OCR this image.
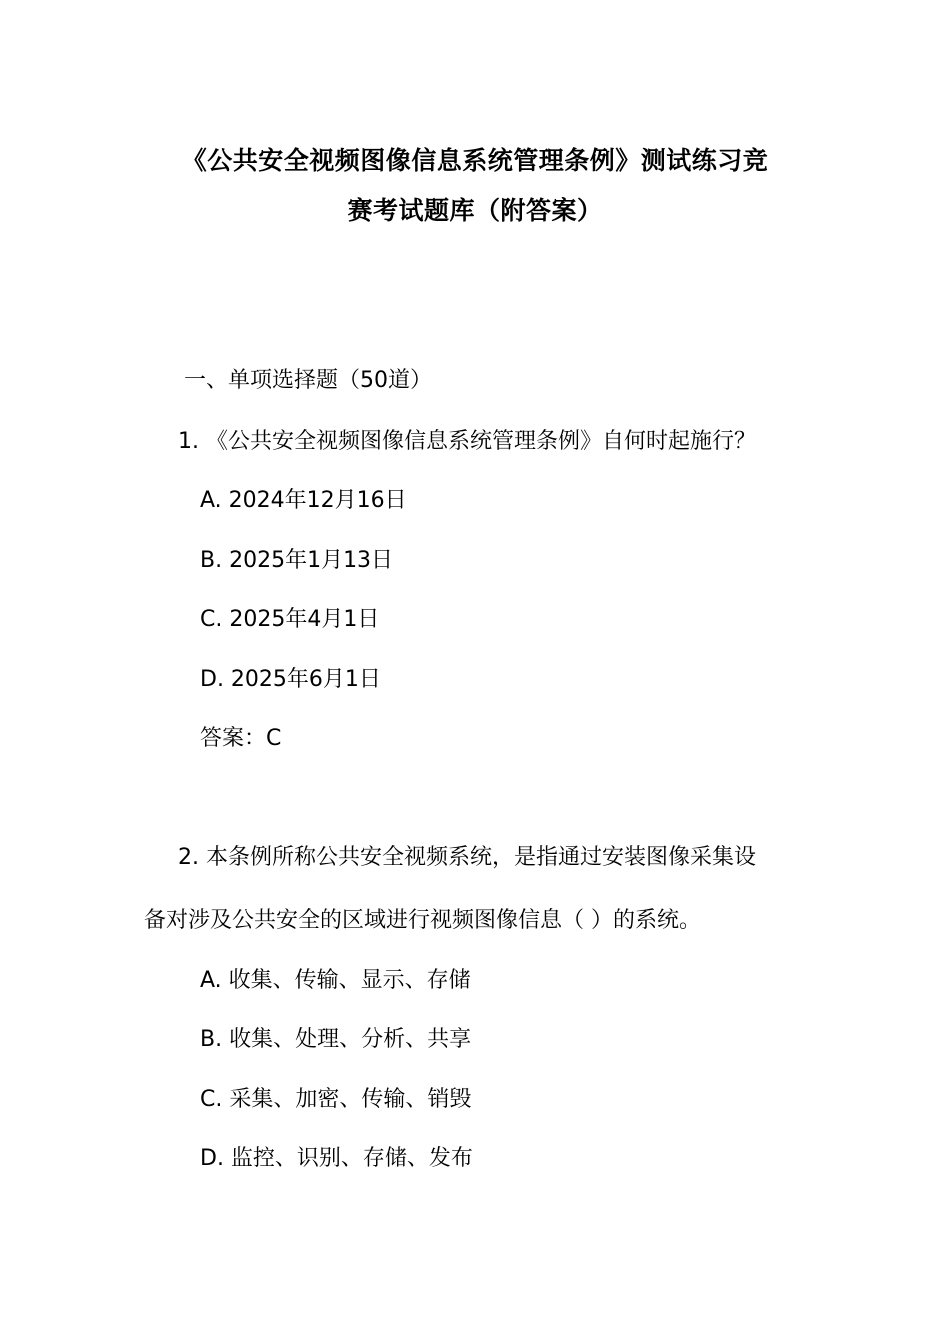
《公共安全视频图像信息系统管理条例》测试练习竞
赛考试题库（附答案）
一、单项选择题（50道）
1. 《公共安全视频图像信息系统管理条例》自何时起施行？
A. 2024年12月16日
B. 2025年1月13日
C. 2025年4月1日
D. 2025年6月1日
答案：C
2. 本条例所称公共安全视频系统，是指通过安装图像采集设
备对涉及公共安全的区域进行视频图像信息（ ）的系统。
A. 收集、传输、显示、存储
B. 收集、处理、分析、共享
C. 采集、加密、传输、销毁
D. 监控、识别、存储、发布
